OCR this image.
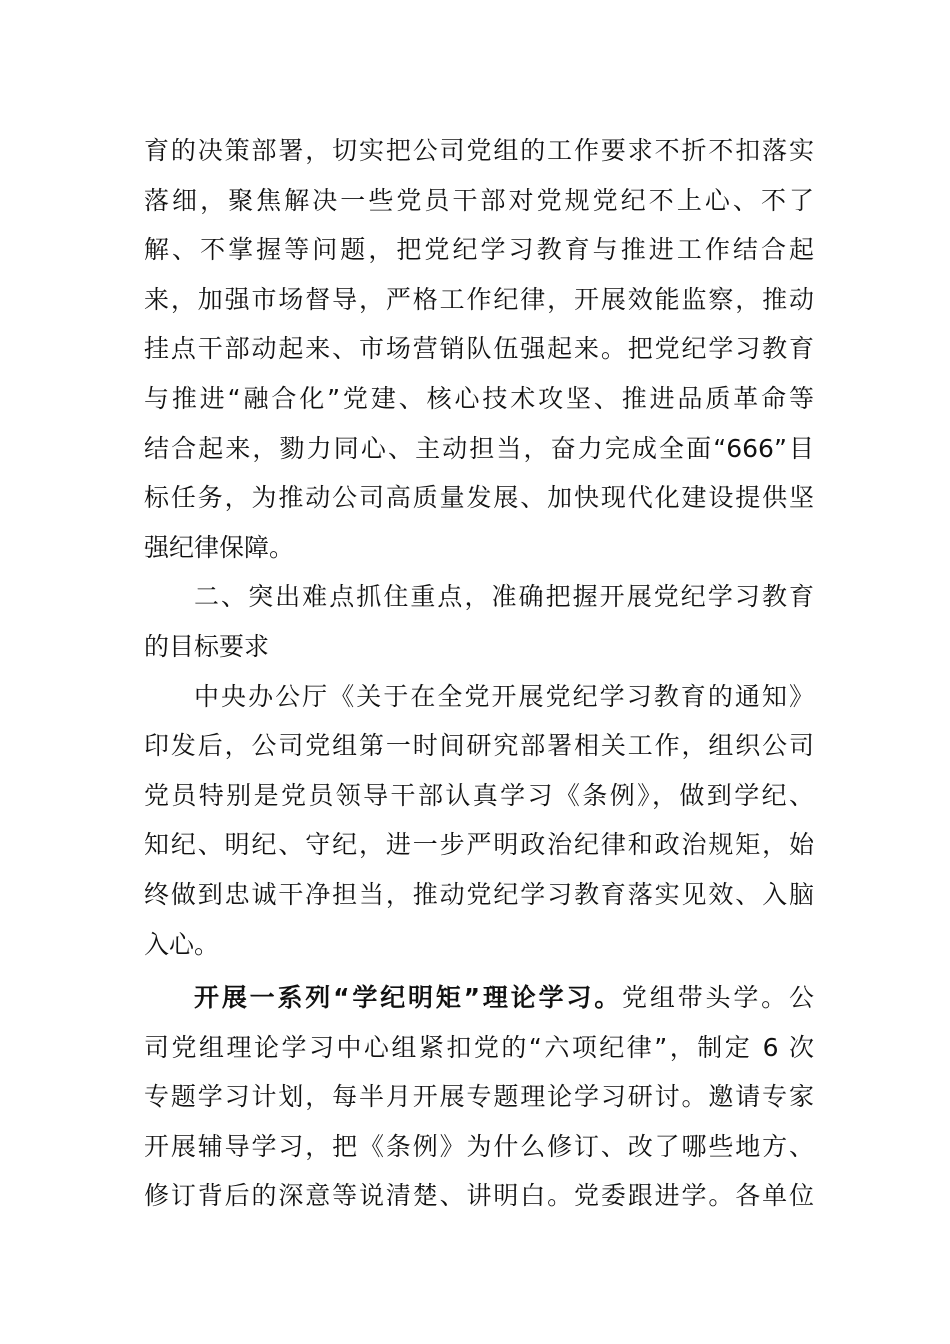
育的决策部署，切实把公司党组的工作要求不折不扣落实
落细，聚焦解决一些党员干部对党规党纪不上心、不了
解、不掌握等问题，把党纪学习教育与推进工作结合起
来，加强市场督导，严格工作纪律，开展效能监察，推动
挂点干部动起来、市场营销队伍强起来。把党纪学习教育
与推进“融合化”党建、核心技术攻坚、推进品质革命等
结合起来，勠力同心、主动担当，奋力完成全面“666”目
标任务，为推动公司高质量发展、加快现代化建设提供坚
强纪律保障。
二、突出难点抓住重点，准确把握开展党纪学习教育
的目标要求
中央办公厅《关于在全党开展党纪学习教育的通知》
印发后，公司党组第一时间研究部署相关工作，组织公司
党员特别是党员领导干部认真学习《条例》，做到学纪、
知纪、明纪、守纪，进一步严明政治纪律和政治规矩，始
终做到忠诚干净担当，推动党纪学习教育落实见效、入脑
入心。
开展一系列“学纪明矩”理论学习。党组带头学。公
司党组理论学习中心组紧扣党的“六项纪律”，制定 6 次
专题学习计划，每半月开展专题理论学习研讨。邀请专家
开展辅导学习，把《条例》为什么修订、改了哪些地方、
修订背后的深意等说清楚、讲明白。党委跟进学。各单位
